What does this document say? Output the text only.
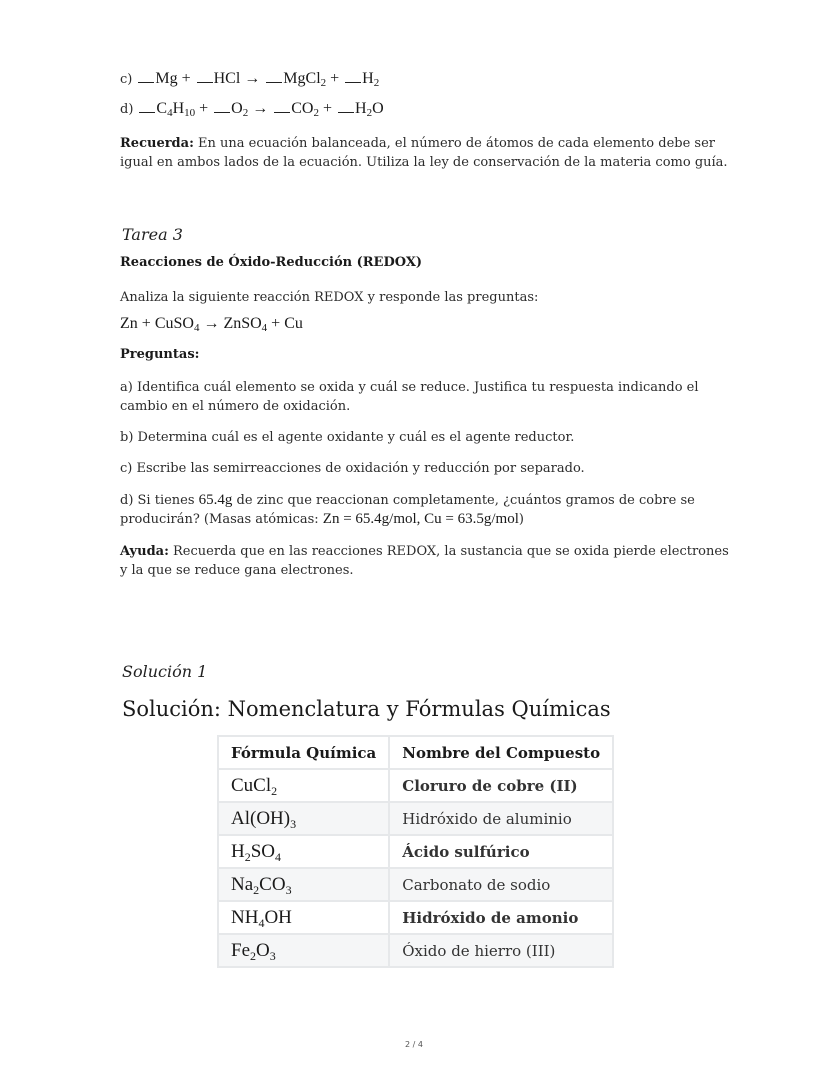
c) Mg + HCl → MgCl$_2$ + $H_2$
d) $C_4H_{10} + O_2 \to CO_2 + H_2O$
Recuerda: En una ecuación balanceada, el número de átomos de cada elemento debe ser
igual en ambos lados de la ecuación. Utiliza la ley de conservación de la materia como guía.
Tarea 3
Reacciones de Óxido-Reducción (REDOX)
Analiza la siguiente reacción REDOX y responde las preguntas:
Zn + CuSO$_4$ → ZnSO$_4$ + Cu
Preguntas:
a) Identifica cuál elemento se oxida y cuál se reduce. Justifica tu respuesta indicando el
cambio en el número de oxidación.
b) Determina cuál es el agente oxidante y cuál es el agente reductor.
c) Escribe las semirreacciones de oxidación y reducción por separado.
d) Si tienes 65.4g de zinc que reaccionan completamente, ¿cuántos gramos de cobre se
producirán? (Masas atómicas: Zn = 65.4g/mol, Cu = 63.5g/mol)
Ayuda: Recuerda que en las reacciones REDOX, la sustancia que se oxida pierde electrones
y la que se reduce gana electrones.
Solución 1
Solución: Nomenclatura y Fórmulas Químicas
Fórmula Química	Nombre del Compuesto
CuCl$_2$	Cloruro de cobre (II)
$Al(OH)_3$	Hidróxido de aluminio
$H_2SO_4$	Ácido sulfúrico
$Na_2CO_3$	Carbonato de sodio
$NH_4OH$	Hidróxido de amonio
$Fe_2O_3$	Óxido de hierro (III)
2 / 4
